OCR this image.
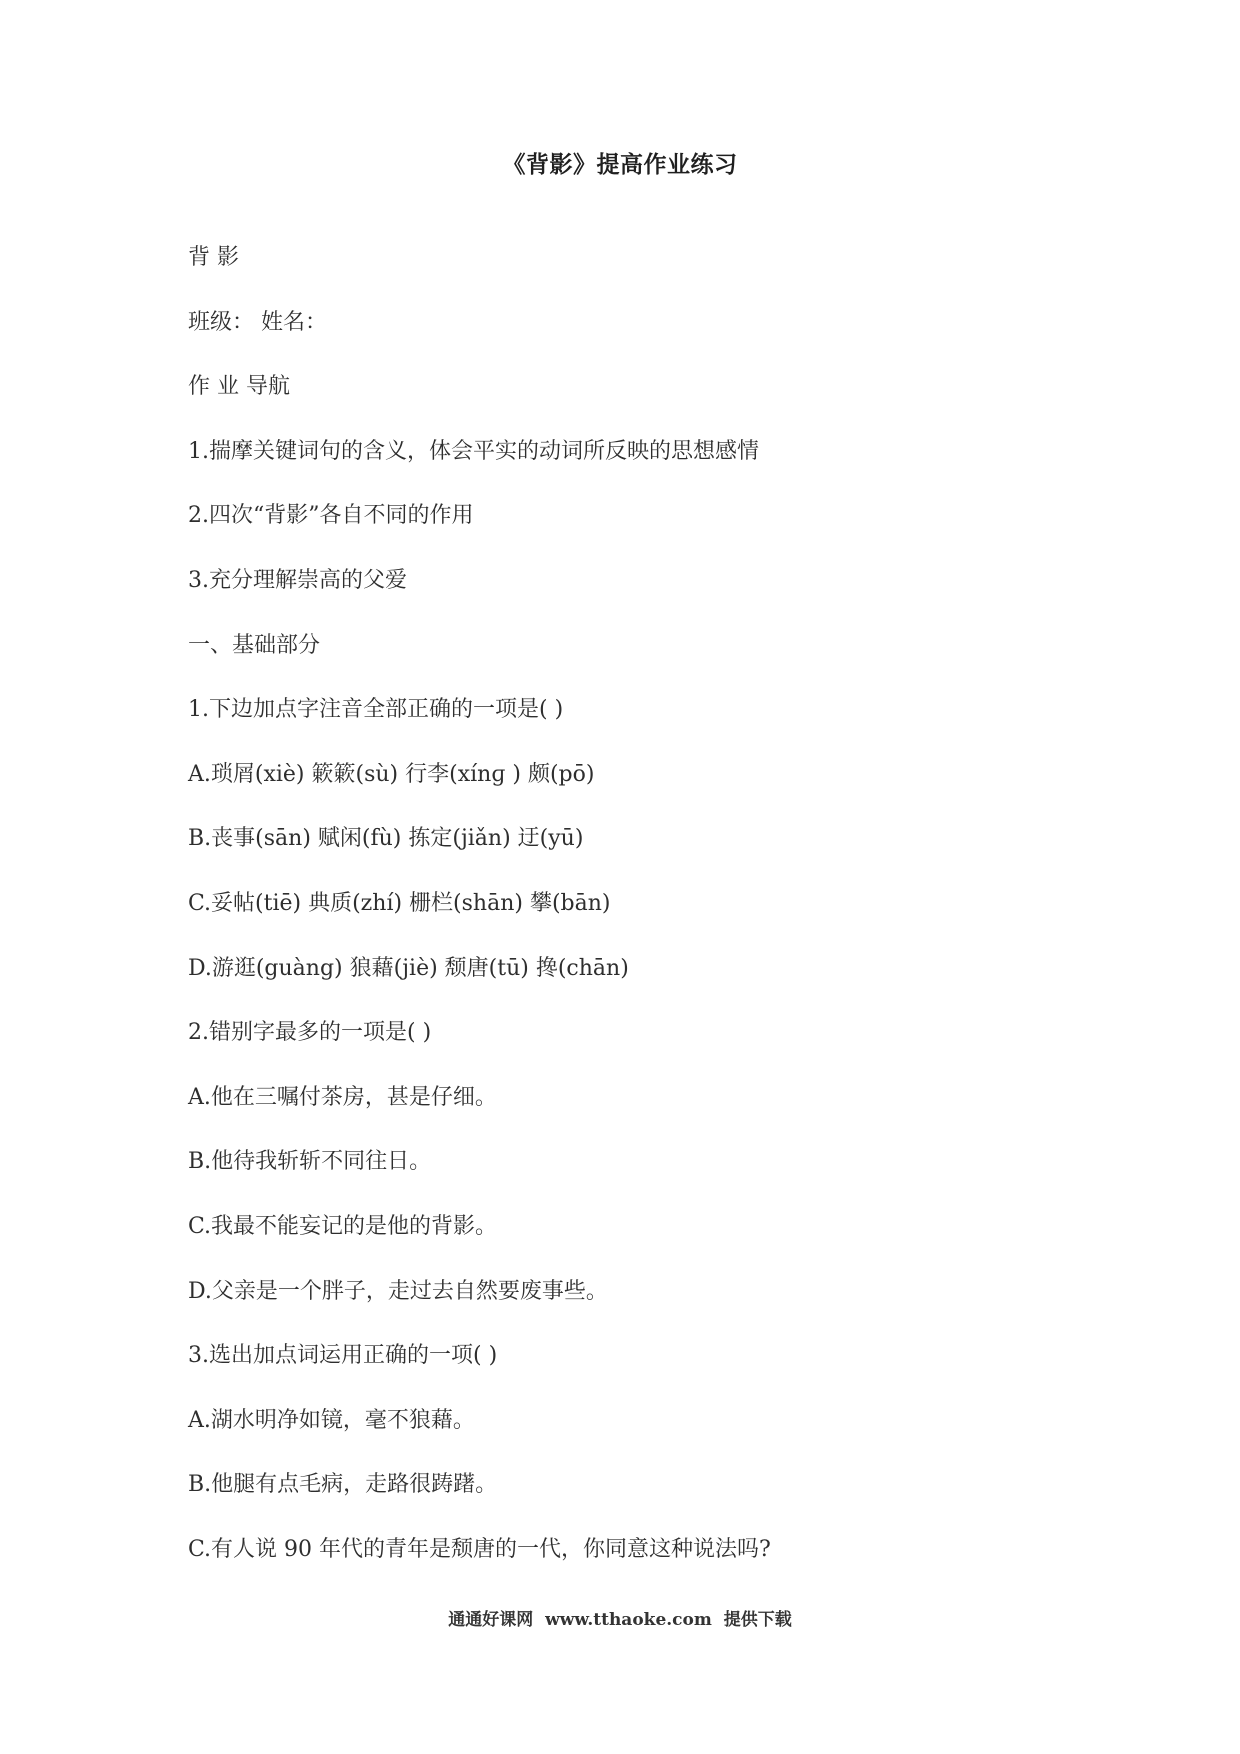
《背影》提高作业练习
背 影
班级： 姓名：
作 业 导航
1.揣摩关键词句的含义，体会平实的动词所反映的思想感情
2.四次“背影”各自不同的作用
3.充分理解崇高的父爱
一、基础部分
1.下边加点字注音全部正确的一项是( )
A.琐屑(xiè) 簌簌(sù) 行李(xínɡ ) 颇(pō)
B.丧事(sān) 赋闲(fù) 拣定(jiǎn) 迂(yū)
C.妥帖(tiē) 典质(zhí) 栅栏(shān) 攀(bān)
D.游逛(guàng) 狼藉(jiè) 颓唐(tū) 搀(chān)
2.错别字最多的一项是( )
A.他在三嘱付茶房，甚是仔细。
B.他待我斩斩不同往日。
C.我最不能妄记的是他的背影。
D.父亲是一个胖子，走过去自然要废事些。
3.选出加点词运用正确的一项( )
A.湖水明净如镜，毫不狼藉。
B.他腿有点毛病，走路很踌躇。
C.有人说 90 年代的青年是颓唐的一代，你同意这种说法吗?
通通好课网  www.tthaoke.com  提供下载
